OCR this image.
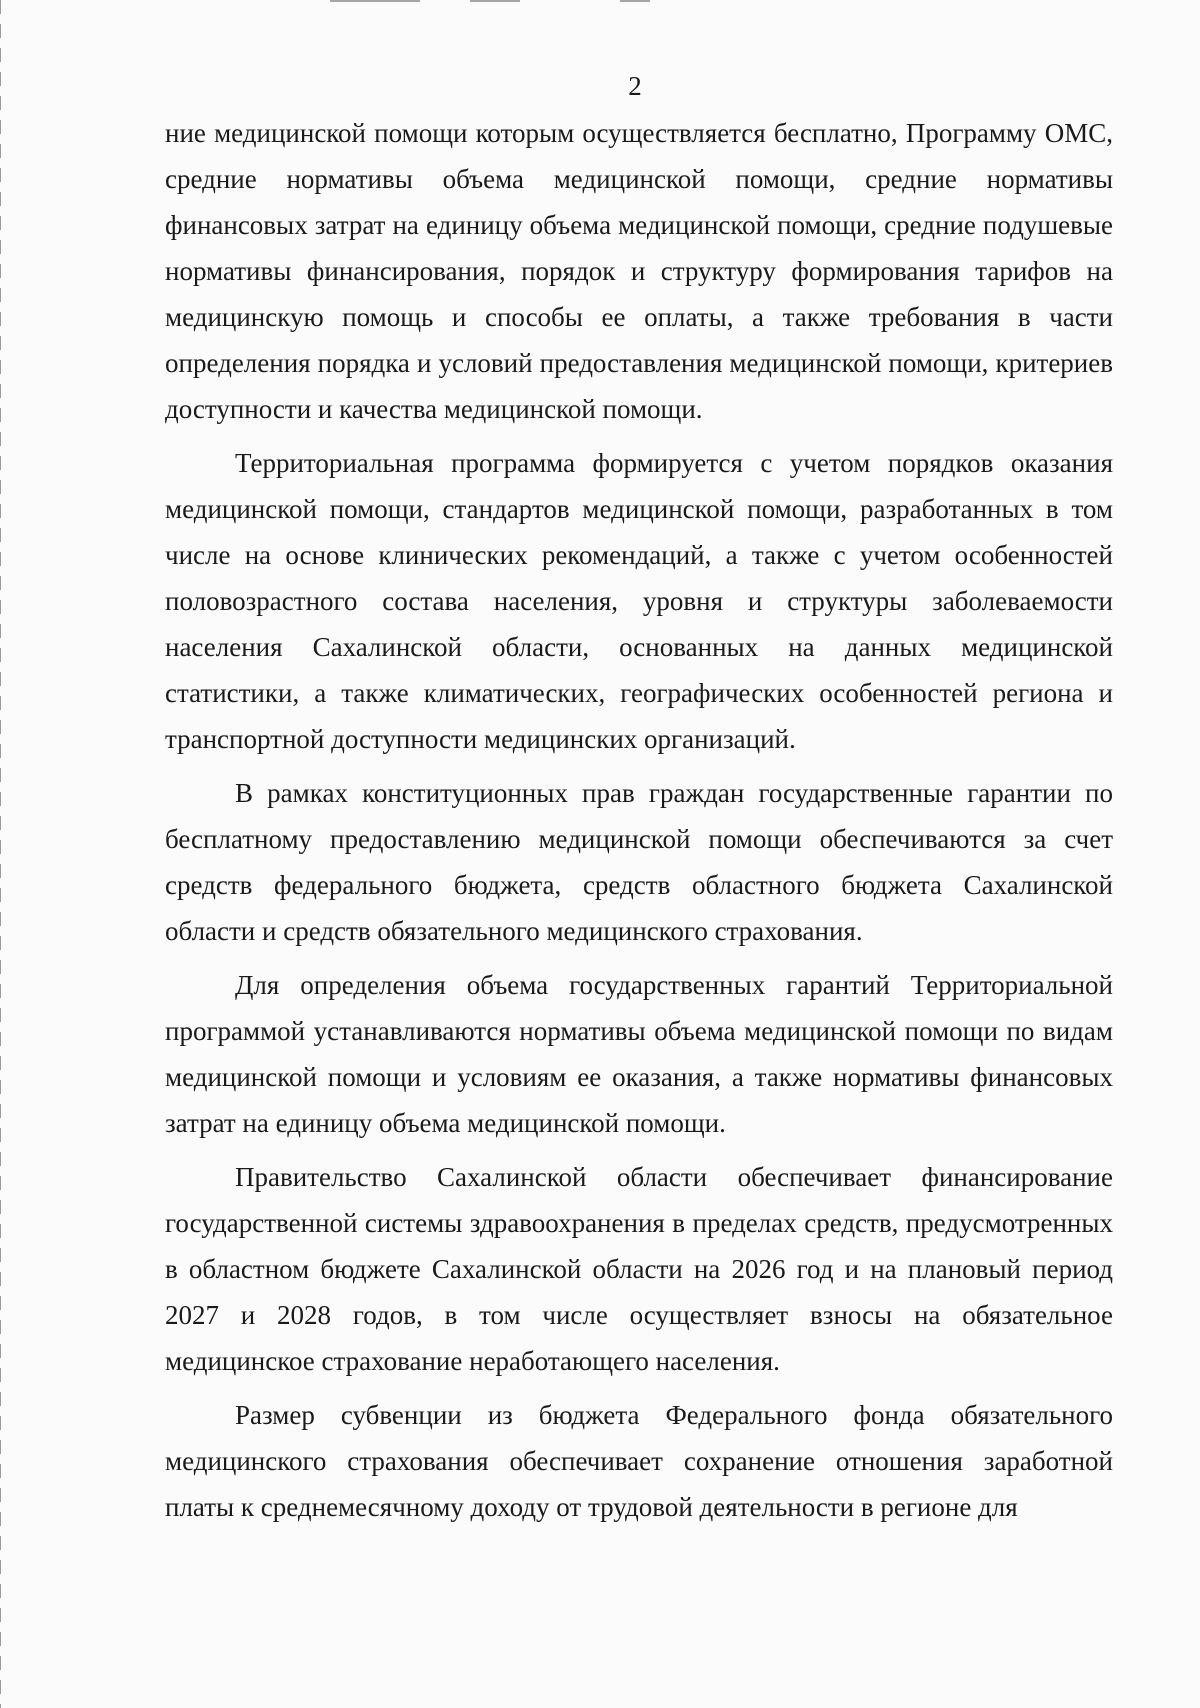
2

ние медицинской помощи которым осуществляется бесплатно, Программу ОМС, средние нормативы объема медицинской помощи, средние нормативы финансовых затрат на единицу объема медицинской помощи, средние подушевые нормативы финансирования, порядок и структуру формирования тарифов на медицинскую помощь и способы ее оплаты, а также требования в части определения порядка и условий предоставления медицинской помощи, критериев доступности и качества медицинской помощи.

Территориальная программа формируется с учетом порядков оказания медицинской помощи, стандартов медицинской помощи, разработанных в том числе на основе клинических рекомендаций, а также с учетом особенностей половозрастного состава населения, уровня и структуры заболеваемости населения Сахалинской области, основанных на данных медицинской статистики, а также климатических, географических особенностей региона и транспортной доступности медицинских организаций.

В рамках конституционных прав граждан государственные гарантии по бесплатному предоставлению медицинской помощи обеспечиваются за счет средств федерального бюджета, средств областного бюджета Сахалинской области и средств обязательного медицинского страхования.

Для определения объема государственных гарантий Территориальной программой устанавливаются нормативы объема медицинской помощи по видам медицинской помощи и условиям ее оказания, а также нормативы финансовых затрат на единицу объема медицинской помощи.

Правительство Сахалинской области обеспечивает финансирование государственной системы здравоохранения в пределах средств, предусмотренных в областном бюджете Сахалинской области на 2026 год и на плановый период 2027 и 2028 годов, в том числе осуществляет взносы на обязательное медицинское страхование неработающего населения.

Размер субвенции из бюджета Федерального фонда обязательного медицинского страхования обеспечивает сохранение отношения заработной платы к среднемесячному доходу от трудовой деятельности в регионе для
